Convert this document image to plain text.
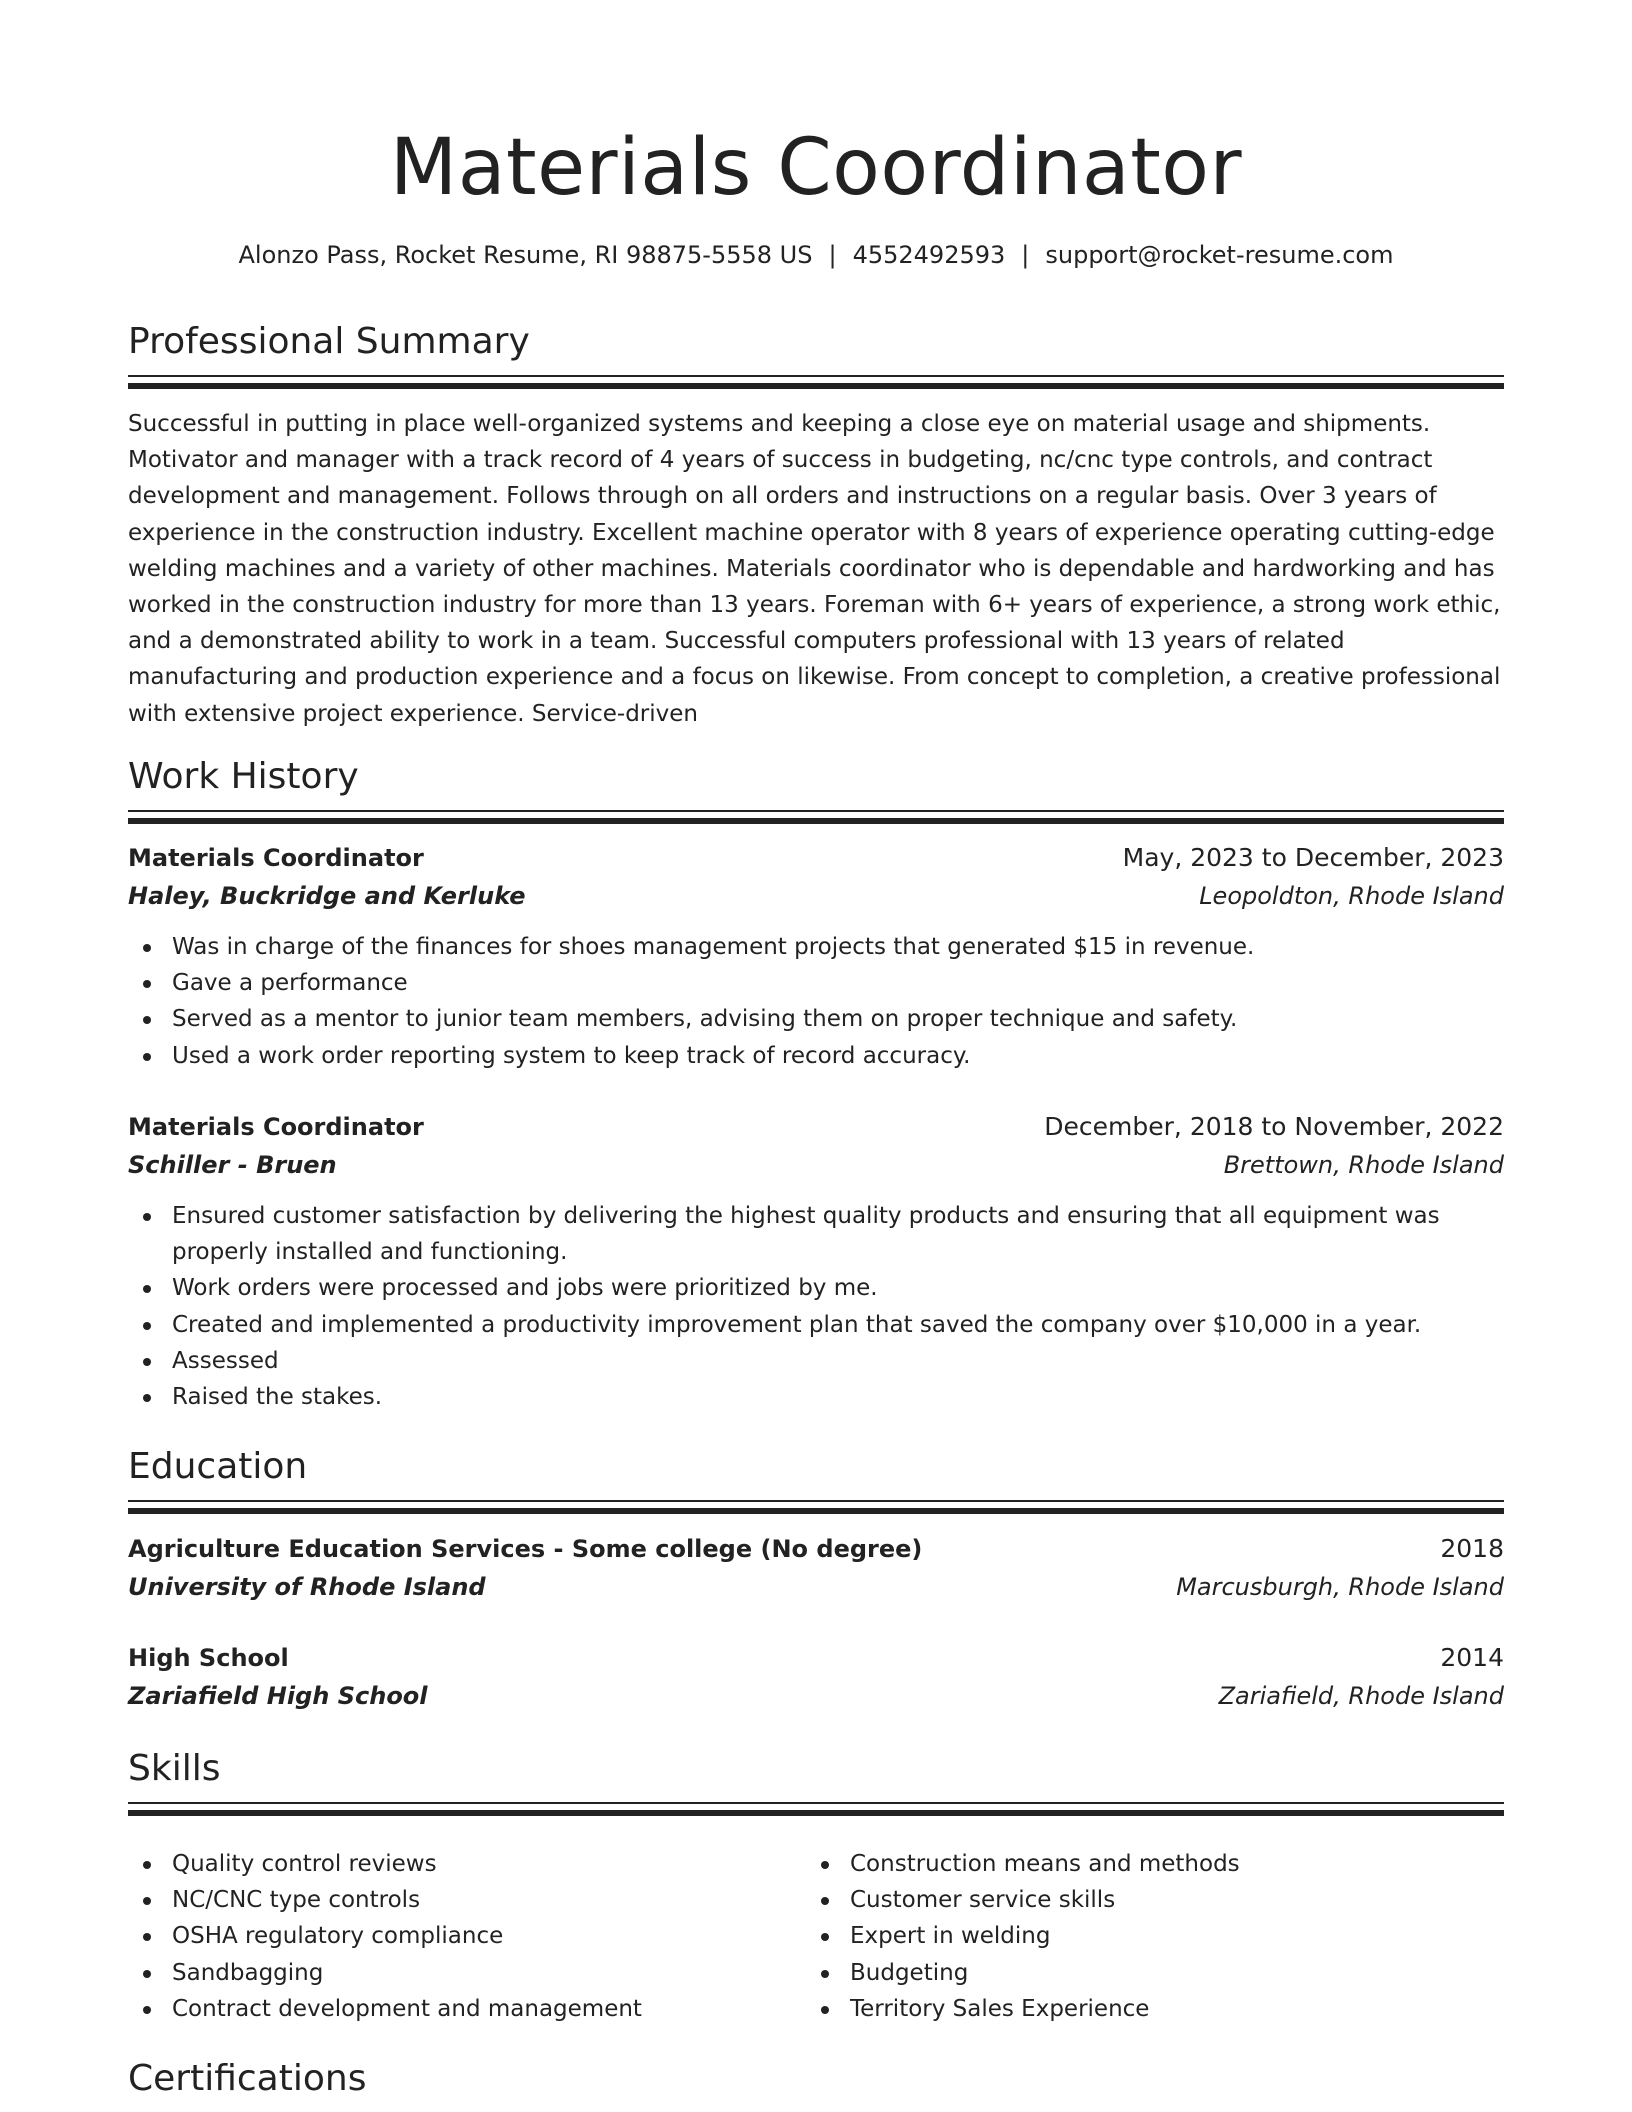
Materials Coordinator
Alonzo Pass, Rocket Resume, RI 98875-5558 US | 4552492593 | support@rocket-resume.com
Professional Summary

Successful in putting in place well-organized systems and keeping a close eye on material usage and shipments. Motivator and manager with a track record of 4 years of success in budgeting, nc/cnc type controls, and contract development and management. Follows through on all orders and instructions on a regular basis. Over 3 years of experience in the construction industry. Excellent machine operator with 8 years of experience operating cutting-edge welding machines and a variety of other machines. Materials coordinator who is dependable and hardworking and has worked in the construction industry for more than 13 years. Foreman with 6+ years of experience, a strong work ethic, and a demonstrated ability to work in a team. Successful computers professional with 13 years of related manufacturing and production experience and a focus on likewise. From concept to completion, a creative professional with extensive project experience. Service-driven

Work History
Materials Coordinator	May, 2023 to December, 2023
Haley, Buckridge and Kerluke	Leopoldton, Rhode Island
Was in charge of the finances for shoes management projects that generated $15 in revenue.
Gave a performance
Served as a mentor to junior team members, advising them on proper technique and safety.
Used a work order reporting system to keep track of record accuracy.
Materials Coordinator	December, 2018 to November, 2022
Schiller - Bruen	Brettown, Rhode Island
Ensured customer satisfaction by delivering the highest quality products and ensuring that all equipment was properly installed and functioning.
Work orders were processed and jobs were prioritized by me.
Created and implemented a productivity improvement plan that saved the company over $10,000 in a year.
Assessed
Raised the stakes.
Education
Agriculture Education Services - Some college (No degree)	2018
University of Rhode Island	Marcusburgh, Rhode Island
High School	2014
Zariafield High School	Zariafield, Rhode Island
Skills
Quality control reviews
NC/CNC type controls
OSHA regulatory compliance
Sandbagging
Contract development and management
Construction means and methods
Customer service skills
Expert in welding
Budgeting
Territory Sales Experience
Certifications
